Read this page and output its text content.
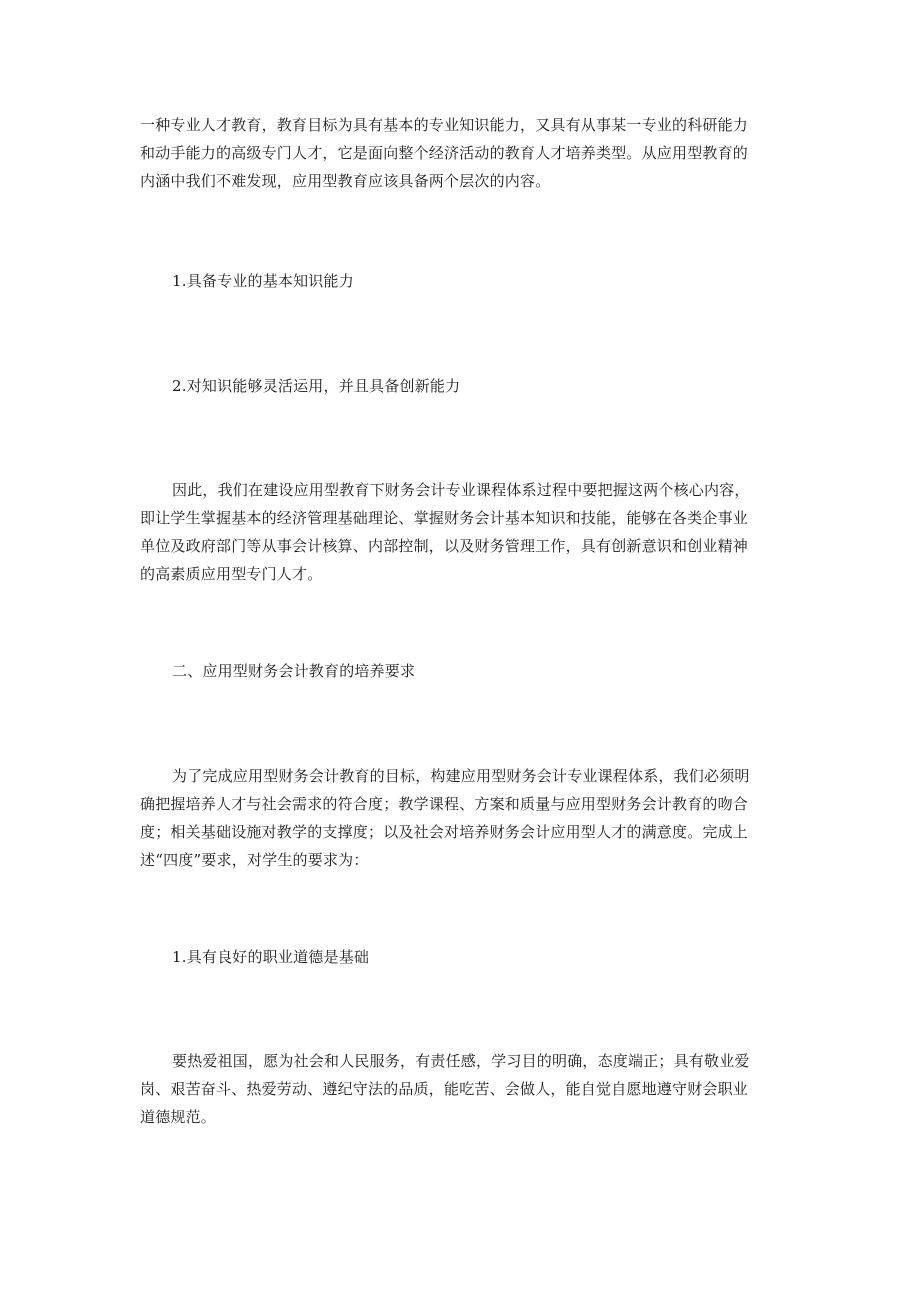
一种专业人才教育，教育目标为具有基本的专业知识能力，又具有从事某一专业的科研能力
和动手能力的高级专门人才，它是面向整个经济活动的教育人才培养类型。从应用型教育的
内涵中我们不难发现，应用型教育应该具备两个层次的内容。
1.具备专业的基本知识能力
2.对知识能够灵活运用，并且具备创新能力
因此，我们在建设应用型教育下财务会计专业课程体系过程中要把握这两个核心内容，
即让学生掌握基本的经济管理基础理论、掌握财务会计基本知识和技能，能够在各类企事业
单位及政府部门等从事会计核算、内部控制，以及财务管理工作，具有创新意识和创业精神
的高素质应用型专门人才。
二、应用型财务会计教育的培养要求
为了完成应用型财务会计教育的目标，构建应用型财务会计专业课程体系，我们必须明
确把握培养人才与社会需求的符合度；教学课程、方案和质量与应用型财务会计教育的吻合
度；相关基础设施对教学的支撑度；以及社会对培养财务会计应用型人才的满意度。完成上
述“四度”要求，对学生的要求为：
1.具有良好的职业道德是基础
要热爱祖国，愿为社会和人民服务，有责任感，学习目的明确，态度端正；具有敬业爱
岗、艰苦奋斗、热爱劳动、遵纪守法的品质，能吃苦、会做人，能自觉自愿地遵守财会职业
道德规范。
